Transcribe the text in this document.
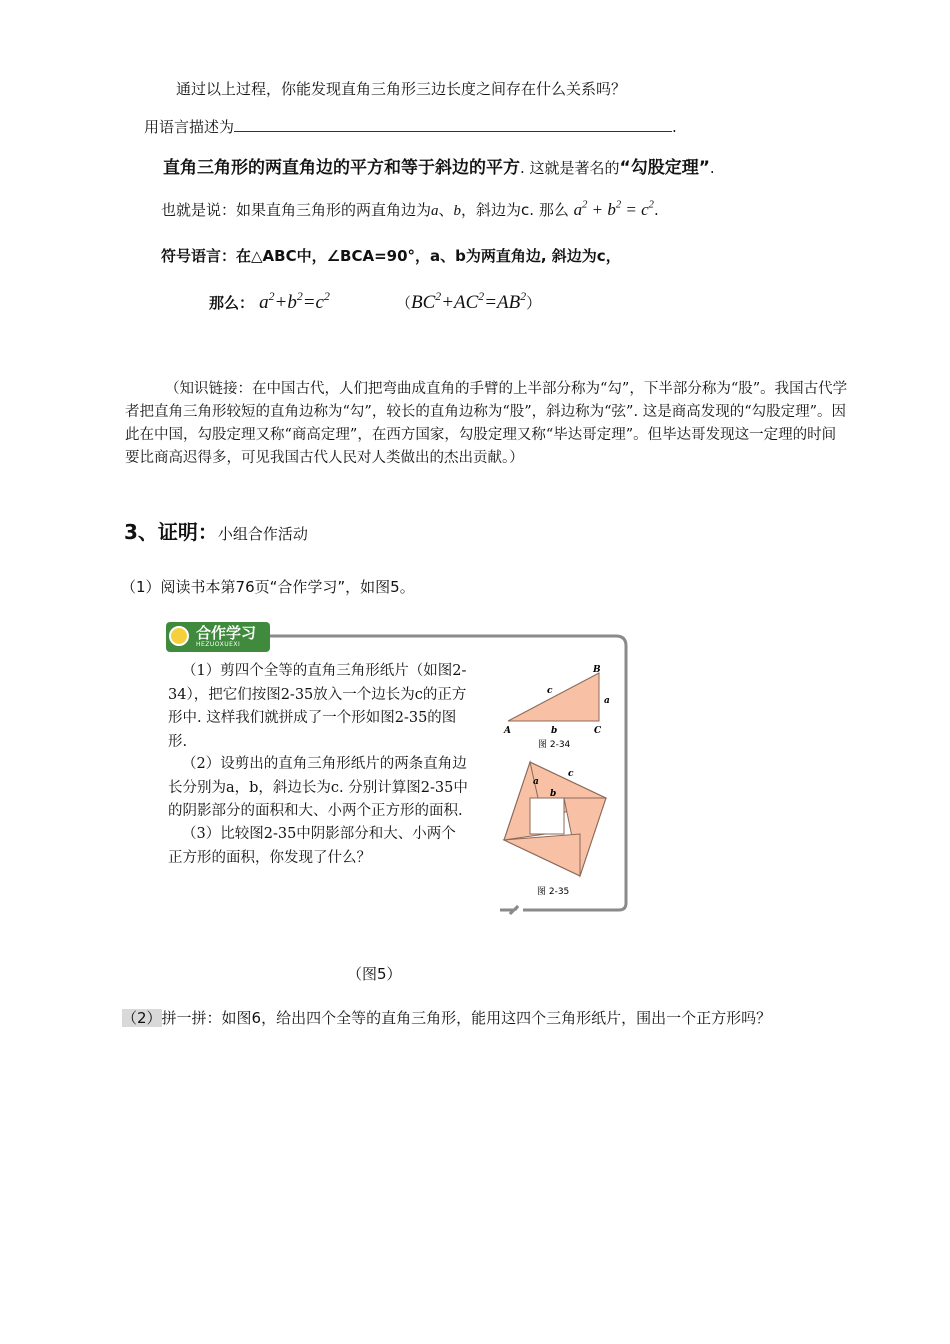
通过以上过程，你能发现直角三角形三边长度之间存在什么关系吗？
用语言描述为	.
直角三角形的两直角边的平方和等于斜边的平方. 这就是著名的“勾股定理”.
也就是说：如果直角三角形的两直角边为a、b，斜边为c. 那么 $a^2 + b^2 = c^2$.
符号语言：在△ABC中，∠BCA=90°，a、b为两直角边, 斜边为c，
那么： $a^2+b^2=c^2$	$(BC^2+AC^2=AB^2)$
（知识链接：在中国古代，人们把弯曲成直角的手臂的上半部分称为“勾”，下半部分称为“股”。我国古代学者把直角三角形较短的直角边称为“勾”，较长的直角边称为“股”，斜边称为“弦”. 这是商高发现的“勾股定理”。因此在中国，勾股定理又称“商高定理”，在西方国家，勾股定理又称“毕达哥定理”。但毕达哥发现这一定理的时间要比商高迟得多，可见我国古代人民对人类做出的杰出贡献。）
3、证明：小组合作活动
（1）阅读书本第76页“合作学习”，如图5。
合作学习
HEZUOXUEXI
（1）剪四个全等的直角三角形纸片（如图2-34），把它们按图2-35放入一个边长为c的正方形中. 这样我们就拼成了一个形如图2-35的图形.
（2）设剪出的直角三角形纸片的两条直角边长分别为a，b，斜边长为c. 分别计算图2-35中的阴影部分的面积和大、小两个正方形的面积.
（3）比较图2-35中阴影部分和大、小两个正方形的面积，你发现了什么？
B
A	C
a
b
c
图 2-34
a
b
c
图 2-35
（图5）
（2）拼一拼：如图6，给出四个全等的直角三角形，能用这四个三角形纸片，围出一个正方形吗？
